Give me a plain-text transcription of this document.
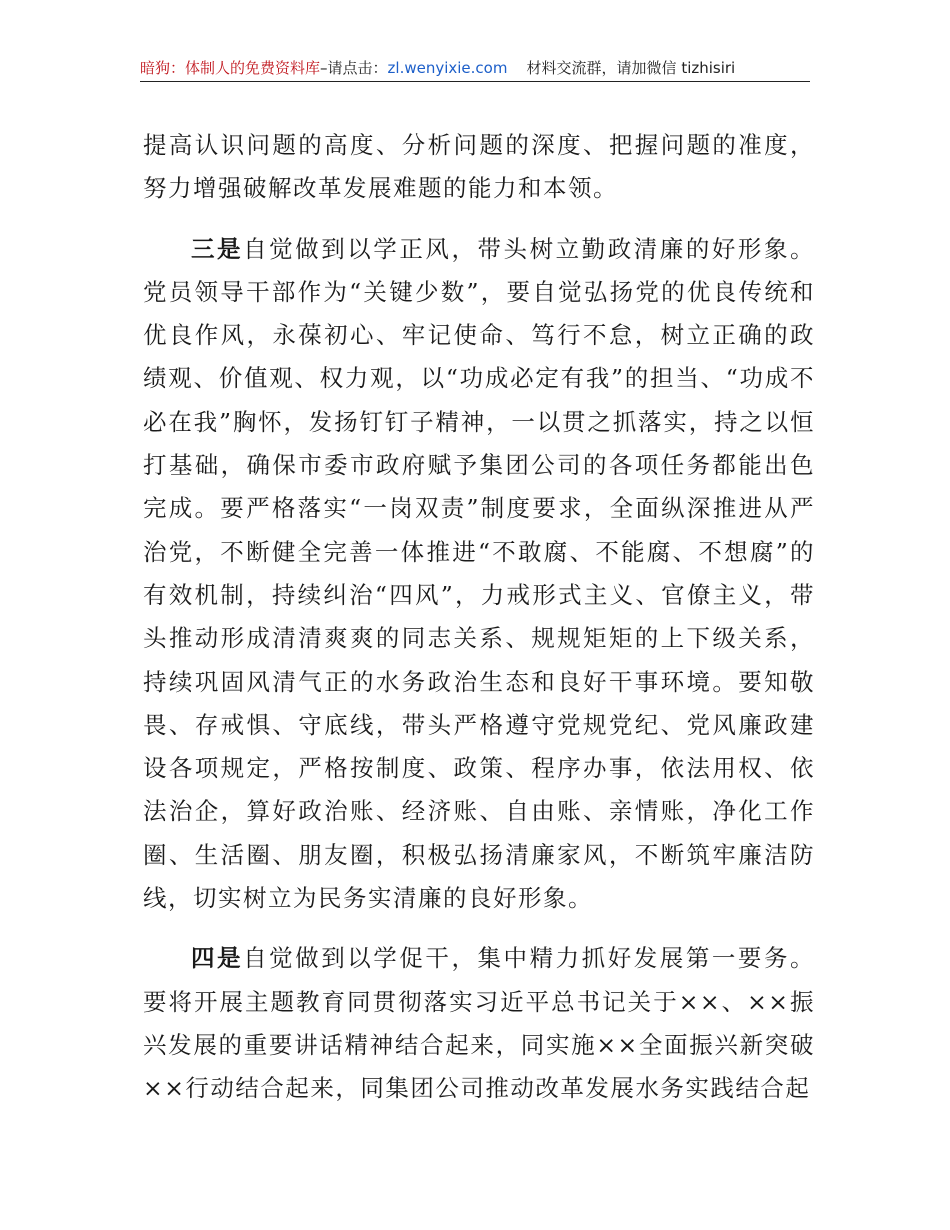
暗狗：体制人的免费资料库–请点击：zl.wenyixie.com 材料交流群，请加微信 tizhisiri

提高认识问题的高度、分析问题的深度、把握问题的准度，努力增强破解改革发展难题的能力和本领。

三是自觉做到以学正风，带头树立勤政清廉的好形象。党员领导干部作为“关键少数”，要自觉弘扬党的优良传统和优良作风，永葆初心、牢记使命、笃行不怠，树立正确的政绩观、价值观、权力观，以“功成必定有我”的担当、“功成不必在我”胸怀，发扬钉钉子精神，一以贯之抓落实，持之以恒打基础，确保市委市政府赋予集团公司的各项任务都能出色完成。要严格落实“一岗双责”制度要求，全面纵深推进从严治党，不断健全完善一体推进“不敢腐、不能腐、不想腐”的有效机制，持续纠治“四风”，力戒形式主义、官僚主义，带头推动形成清清爽爽的同志关系、规规矩矩的上下级关系，持续巩固风清气正的水务政治生态和良好干事环境。要知敬畏、存戒惧、守底线，带头严格遵守党规党纪、党风廉政建设各项规定，严格按制度、政策、程序办事，依法用权、依法治企，算好政治账、经济账、自由账、亲情账，净化工作圈、生活圈、朋友圈，积极弘扬清廉家风，不断筑牢廉洁防线，切实树立为民务实清廉的良好形象。

四是自觉做到以学促干，集中精力抓好发展第一要务。要将开展主题教育同贯彻落实习近平总书记关于××、××振兴发展的重要讲话精神结合起来，同实施××全面振兴新突破××行动结合起来，同集团公司推动改革发展水务实践结合起
